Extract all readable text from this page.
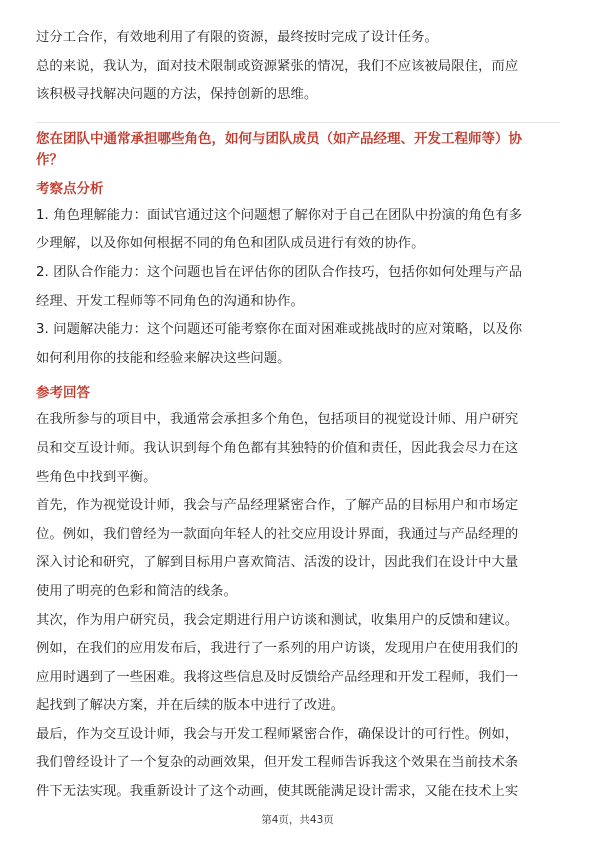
过分工合作，有效地利用了有限的资源，最终按时完成了设计任务。
总的来说，我认为，面对技术限制或资源紧张的情况，我们不应该被局限住，而应
该积极寻找解决问题的方法，保持创新的思维。
您在团队中通常承担哪些角色，如何与团队成员（如产品经理、开发工程师等）协
作？
考察点分析
1. 角色理解能力：面试官通过这个问题想了解你对于自己在团队中扮演的角色有多
少理解，以及你如何根据不同的角色和团队成员进行有效的协作。
2. 团队合作能力：这个问题也旨在评估你的团队合作技巧，包括你如何处理与产品
经理、开发工程师等不同角色的沟通和协作。
3. 问题解决能力：这个问题还可能考察你在面对困难或挑战时的应对策略，以及你
如何利用你的技能和经验来解决这些问题。
参考回答
在我所参与的项目中，我通常会承担多个角色，包括项目的视觉设计师、用户研究
员和交互设计师。我认识到每个角色都有其独特的价值和责任，因此我会尽力在这
些角色中找到平衡。
首先，作为视觉设计师，我会与产品经理紧密合作，了解产品的目标用户和市场定
位。例如，我们曾经为一款面向年轻人的社交应用设计界面，我通过与产品经理的
深入讨论和研究，了解到目标用户喜欢简洁、活泼的设计，因此我们在设计中大量
使用了明亮的色彩和简洁的线条。
其次，作为用户研究员，我会定期进行用户访谈和测试，收集用户的反馈和建议。
例如，在我们的应用发布后，我进行了一系列的用户访谈，发现用户在使用我们的
应用时遇到了一些困难。我将这些信息及时反馈给产品经理和开发工程师，我们一
起找到了解决方案，并在后续的版本中进行了改进。
最后，作为交互设计师，我会与开发工程师紧密合作，确保设计的可行性。例如，
我们曾经设计了一个复杂的动画效果，但开发工程师告诉我这个效果在当前技术条
件下无法实现。我重新设计了这个动画，使其既能满足设计需求，又能在技术上实
第4页，共43页
